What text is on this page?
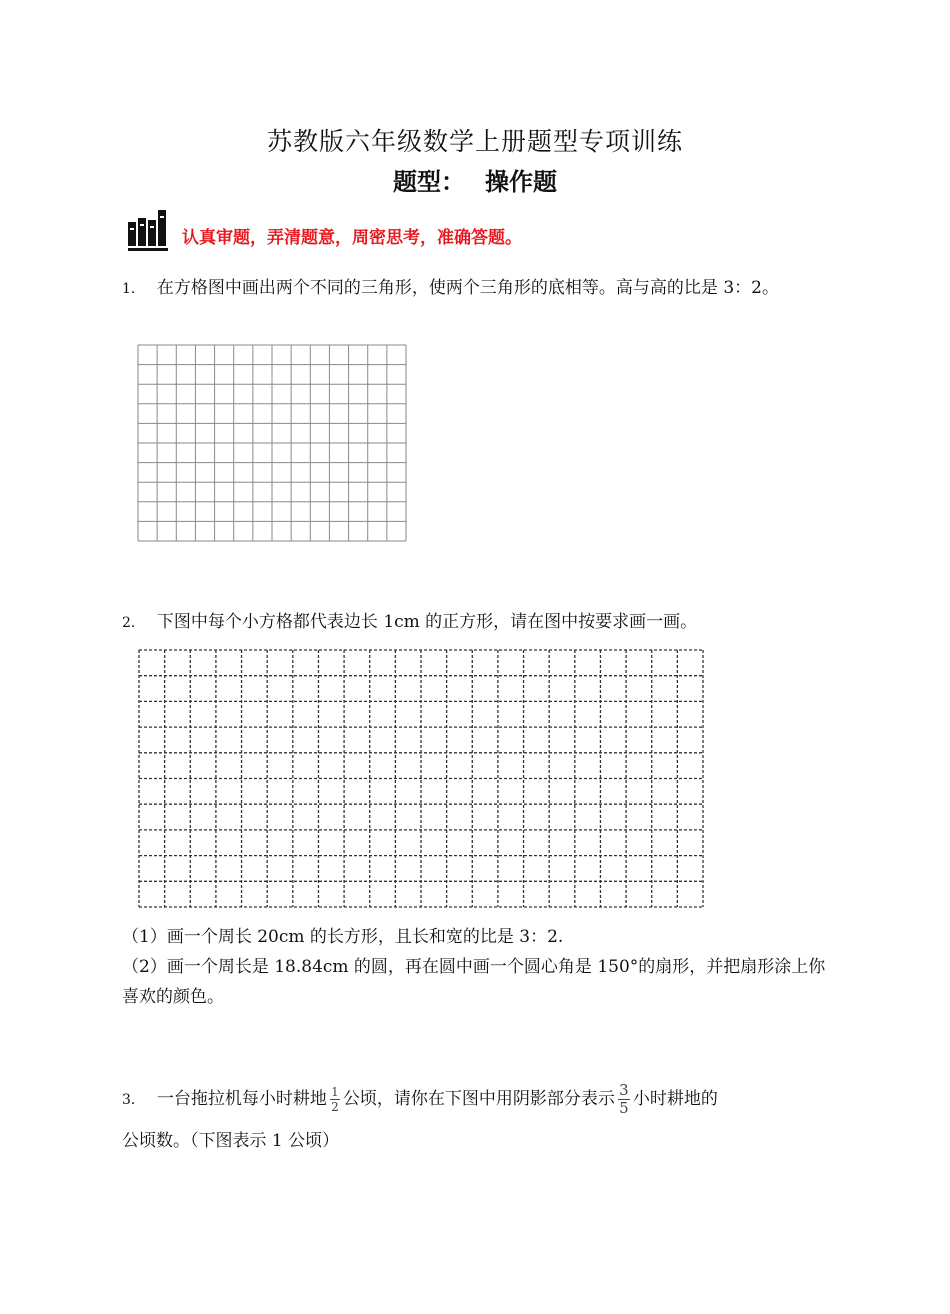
苏教版六年级数学上册题型专项训练
题型： 操作题
认真审题，弄清题意，周密思考，准确答题。
1． 在方格图中画出两个不同的三角形，使两个三角形的底相等。高与高的比是 3：2。
2． 下图中每个小方格都代表边长 1cm 的正方形，请在图中按要求画一画。
（1）画一个周长 20cm 的长方形，且长和宽的比是 3：2.
（2）画一个周长是 18.84cm 的圆，再在圆中画一个圆心角是 150°的扇形，并把扇形涂上你喜欢的颜色。
3． 一台拖拉机每小时耕地 $\frac{1}{2}$ 公顷，请你在下图中用阴影部分表示 $\frac{3}{5}$ 小时耕地的
公顷数。（下图表示 1 公顷）
